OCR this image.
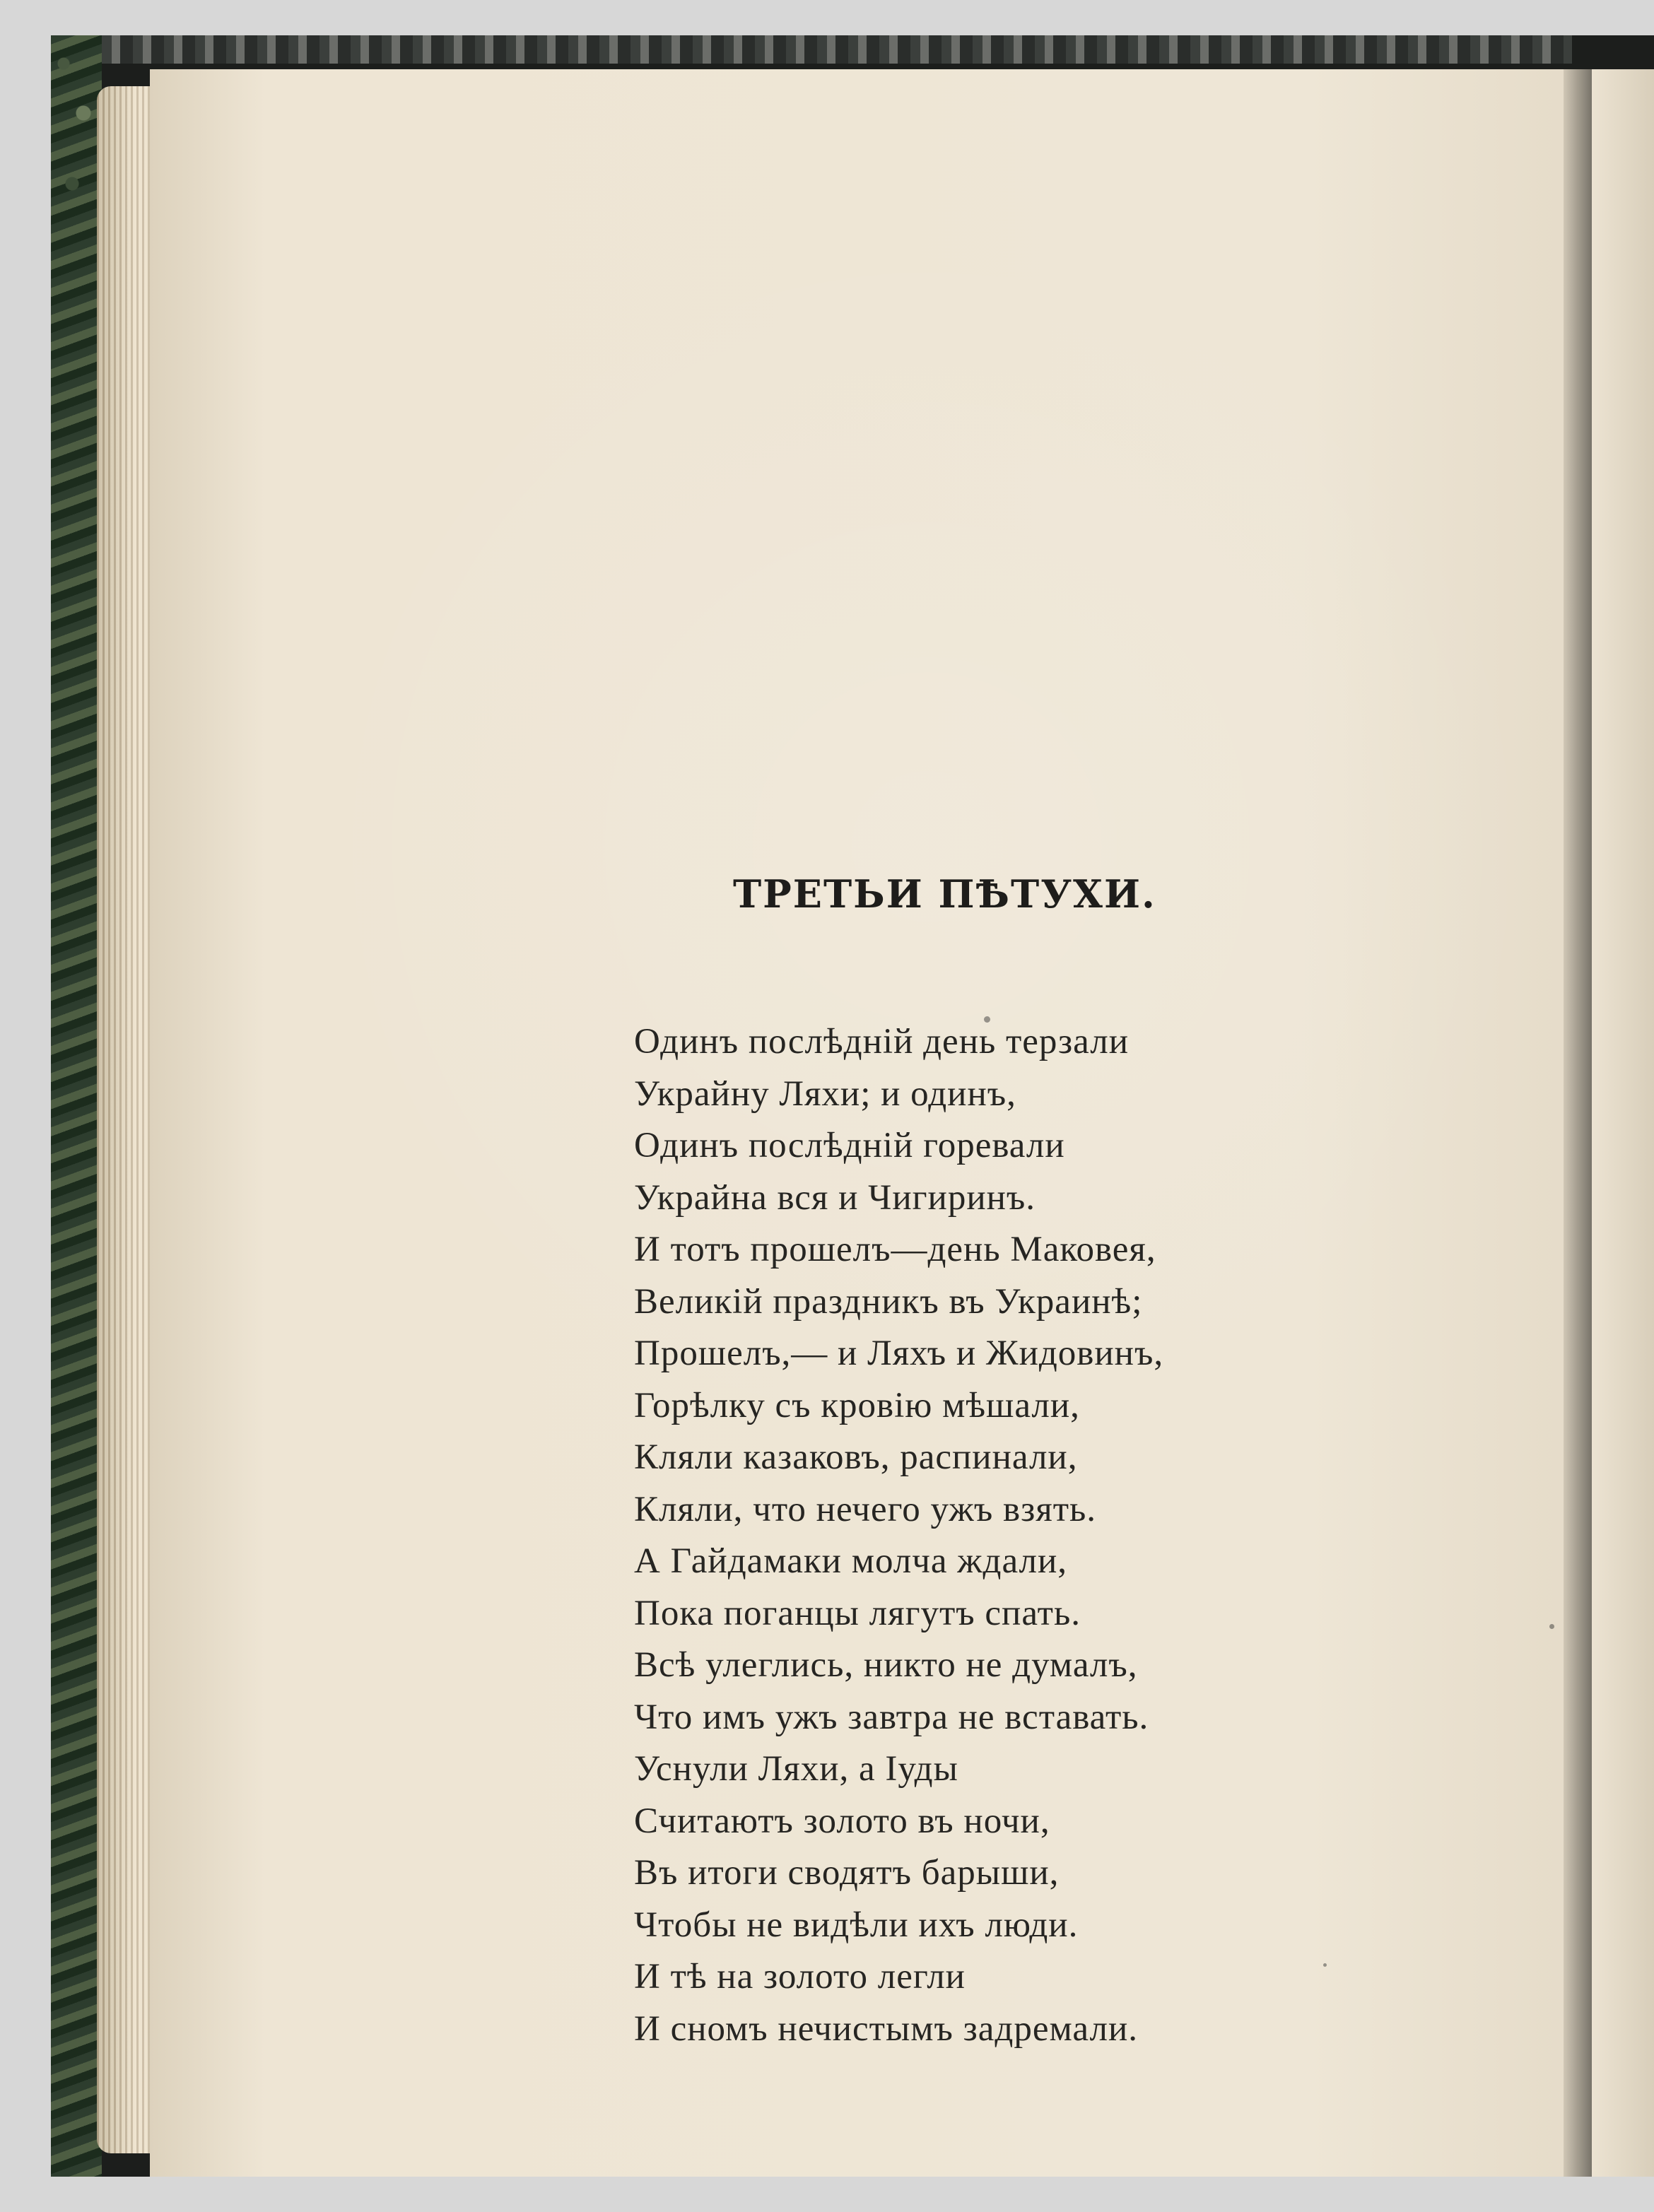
ТРЕТЬИ ПѢТУХИ.
Одинъ послѣднiй день терзали
Украйну Ляхи; и одинъ,
Одинъ послѣднiй горевали
Украйна вся и Чигиринъ.
И тотъ прошелъ—день Маковея,
Великiй праздникъ въ Украинѣ;
Прошелъ,— и Ляхъ и Жидовинъ,
Горѣлку съ кровiю мѣшали,
Кляли казаковъ, распинали,
Кляли, что нечего ужъ взять.
А Гайдамаки молча ждали,
Пока поганцы лягутъ спать.
Всѣ улеглись, никто не думалъ,
Что имъ ужъ завтра не вставать.
Уснули Ляхи, а Іуды
Считаютъ золото въ ночи,
Въ итоги сводятъ барыши,
Чтобы не видѣли ихъ люди.
И тѣ на золото легли
И сномъ нечистымъ задремали.
